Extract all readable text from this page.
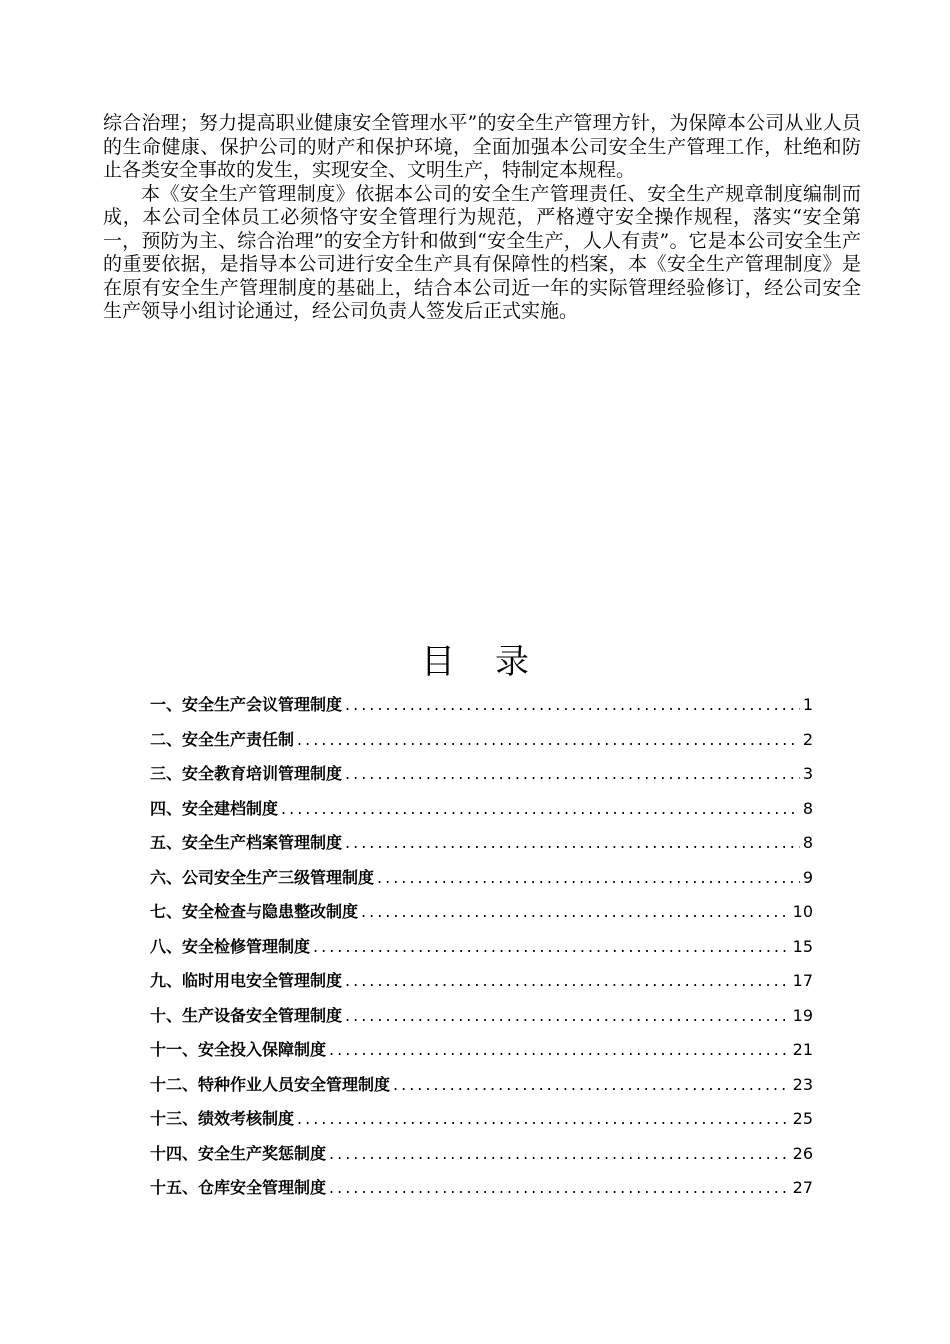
综合治理；努力提高职业健康安全管理水平”的安全生产管理方针，为保障本公司从业人员的生命健康、保护公司的财产和保护环境，全面加强本公司安全生产管理工作，杜绝和防止各类安全事故的发生，实现安全、文明生产，特制定本规程。

本《安全生产管理制度》依据本公司的安全生产管理责任、安全生产规章制度编制而成，本公司全体员工必须恪守安全管理行为规范，严格遵守安全操作规程，落实“安全第一，预防为主、综合治理”的安全方针和做到“安全生产，人人有责”。它是本公司安全生产的重要依据，是指导本公司进行安全生产具有保障性的档案，本《安全生产管理制度》是在原有安全生产管理制度的基础上，结合本公司近一年的实际管理经验修订，经公司安全生产领导小组讨论通过，经公司负责人签发后正式实施。

目录
一、安全生产会议管理制度 .....	1
二、安全生产责任制 .....	2
三、安全教育培训管理制度 .....	3
四、安全建档制度 .....	8
五、安全生产档案管理制度 .....	8
六、公司安全生产三级管理制度 .....	9
七、安全检查与隐患整改制度 .....	10
八、安全检修管理制度 .....	15
九、临时用电安全管理制度 .....	17
十、生产设备安全管理制度 .....	19
十一、安全投入保障制度 .....	21
十二、特种作业人员安全管理制度 .....	23
十三、绩效考核制度 .....	25
十四、安全生产奖惩制度 .....	26
十五、仓库安全管理制度 .....	27
